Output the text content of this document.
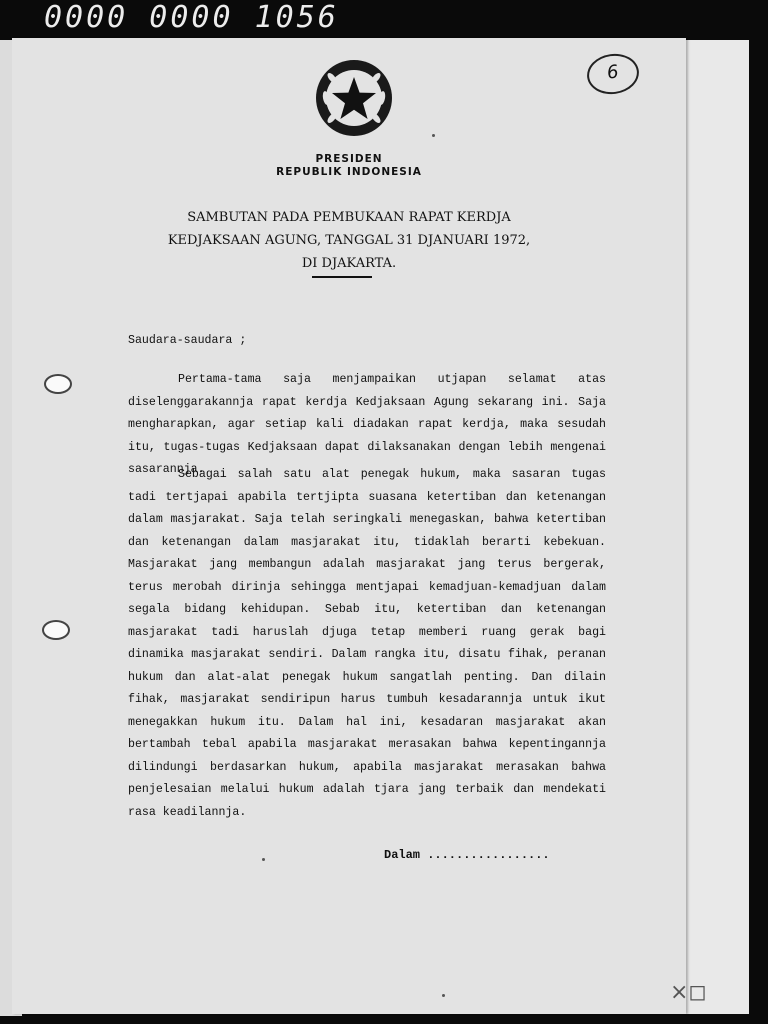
0000 0000 1056
6
PRESIDEN
REPUBLIK INDONESIA
SAMBUTAN PADA PEMBUKAAN RAPAT KERDJA
KEDJAKSAAN AGUNG, TANGGAL 31 DJANUARI 1972,
DI DJAKARTA.
Saudara-saudara ;
Pertama-tama saja menjampaikan utjapan selamat atas diselenggarakannja rapat kerdja Kedjaksaan Agung sekarang ini. Saja mengharapkan, agar setiap kali diadakan rapat kerdja, maka sesudah itu, tugas-tugas Kedjaksaan dapat dilaksanakan dengan lebih mengenai sasarannja.
Sebagai salah satu alat penegak hukum, maka sasaran tugas tadi tertjapai apabila tertjipta suasana ketertiban dan ketenangan dalam masjarakat. Saja telah seringkali menegaskan, bahwa ketertiban dan ketenangan dalam masjarakat itu, tidaklah berarti kebekuan. Masjarakat jang membangun adalah masjarakat jang terus bergerak, terus merobah dirinja sehingga mentjapai kemadjuan-kemadjuan dalam segala bidang kehidupan. Sebab itu, ketertiban dan ketenangan masjarakat tadi haruslah djuga tetap memberi ruang gerak bagi dinamika masjarakat sendiri. Dalam rangka itu, disatu fihak, peranan hukum dan alat-alat penegak hukum sangatlah penting. Dan dilain fihak, masjarakat sendiripun harus tumbuh kesadarannja untuk ikut menegakkan hukum itu. Dalam hal ini, kesadaran masjarakat akan bertambah tebal apabila masjarakat merasakan bahwa kepentingannja dilindungi berdasarkan hukum, apabila masjarakat merasakan bahwa penjelesaian melalui hukum adalah tjara jang terbaik dan mendekati rasa keadilannja.
Dalam .................
×◻
